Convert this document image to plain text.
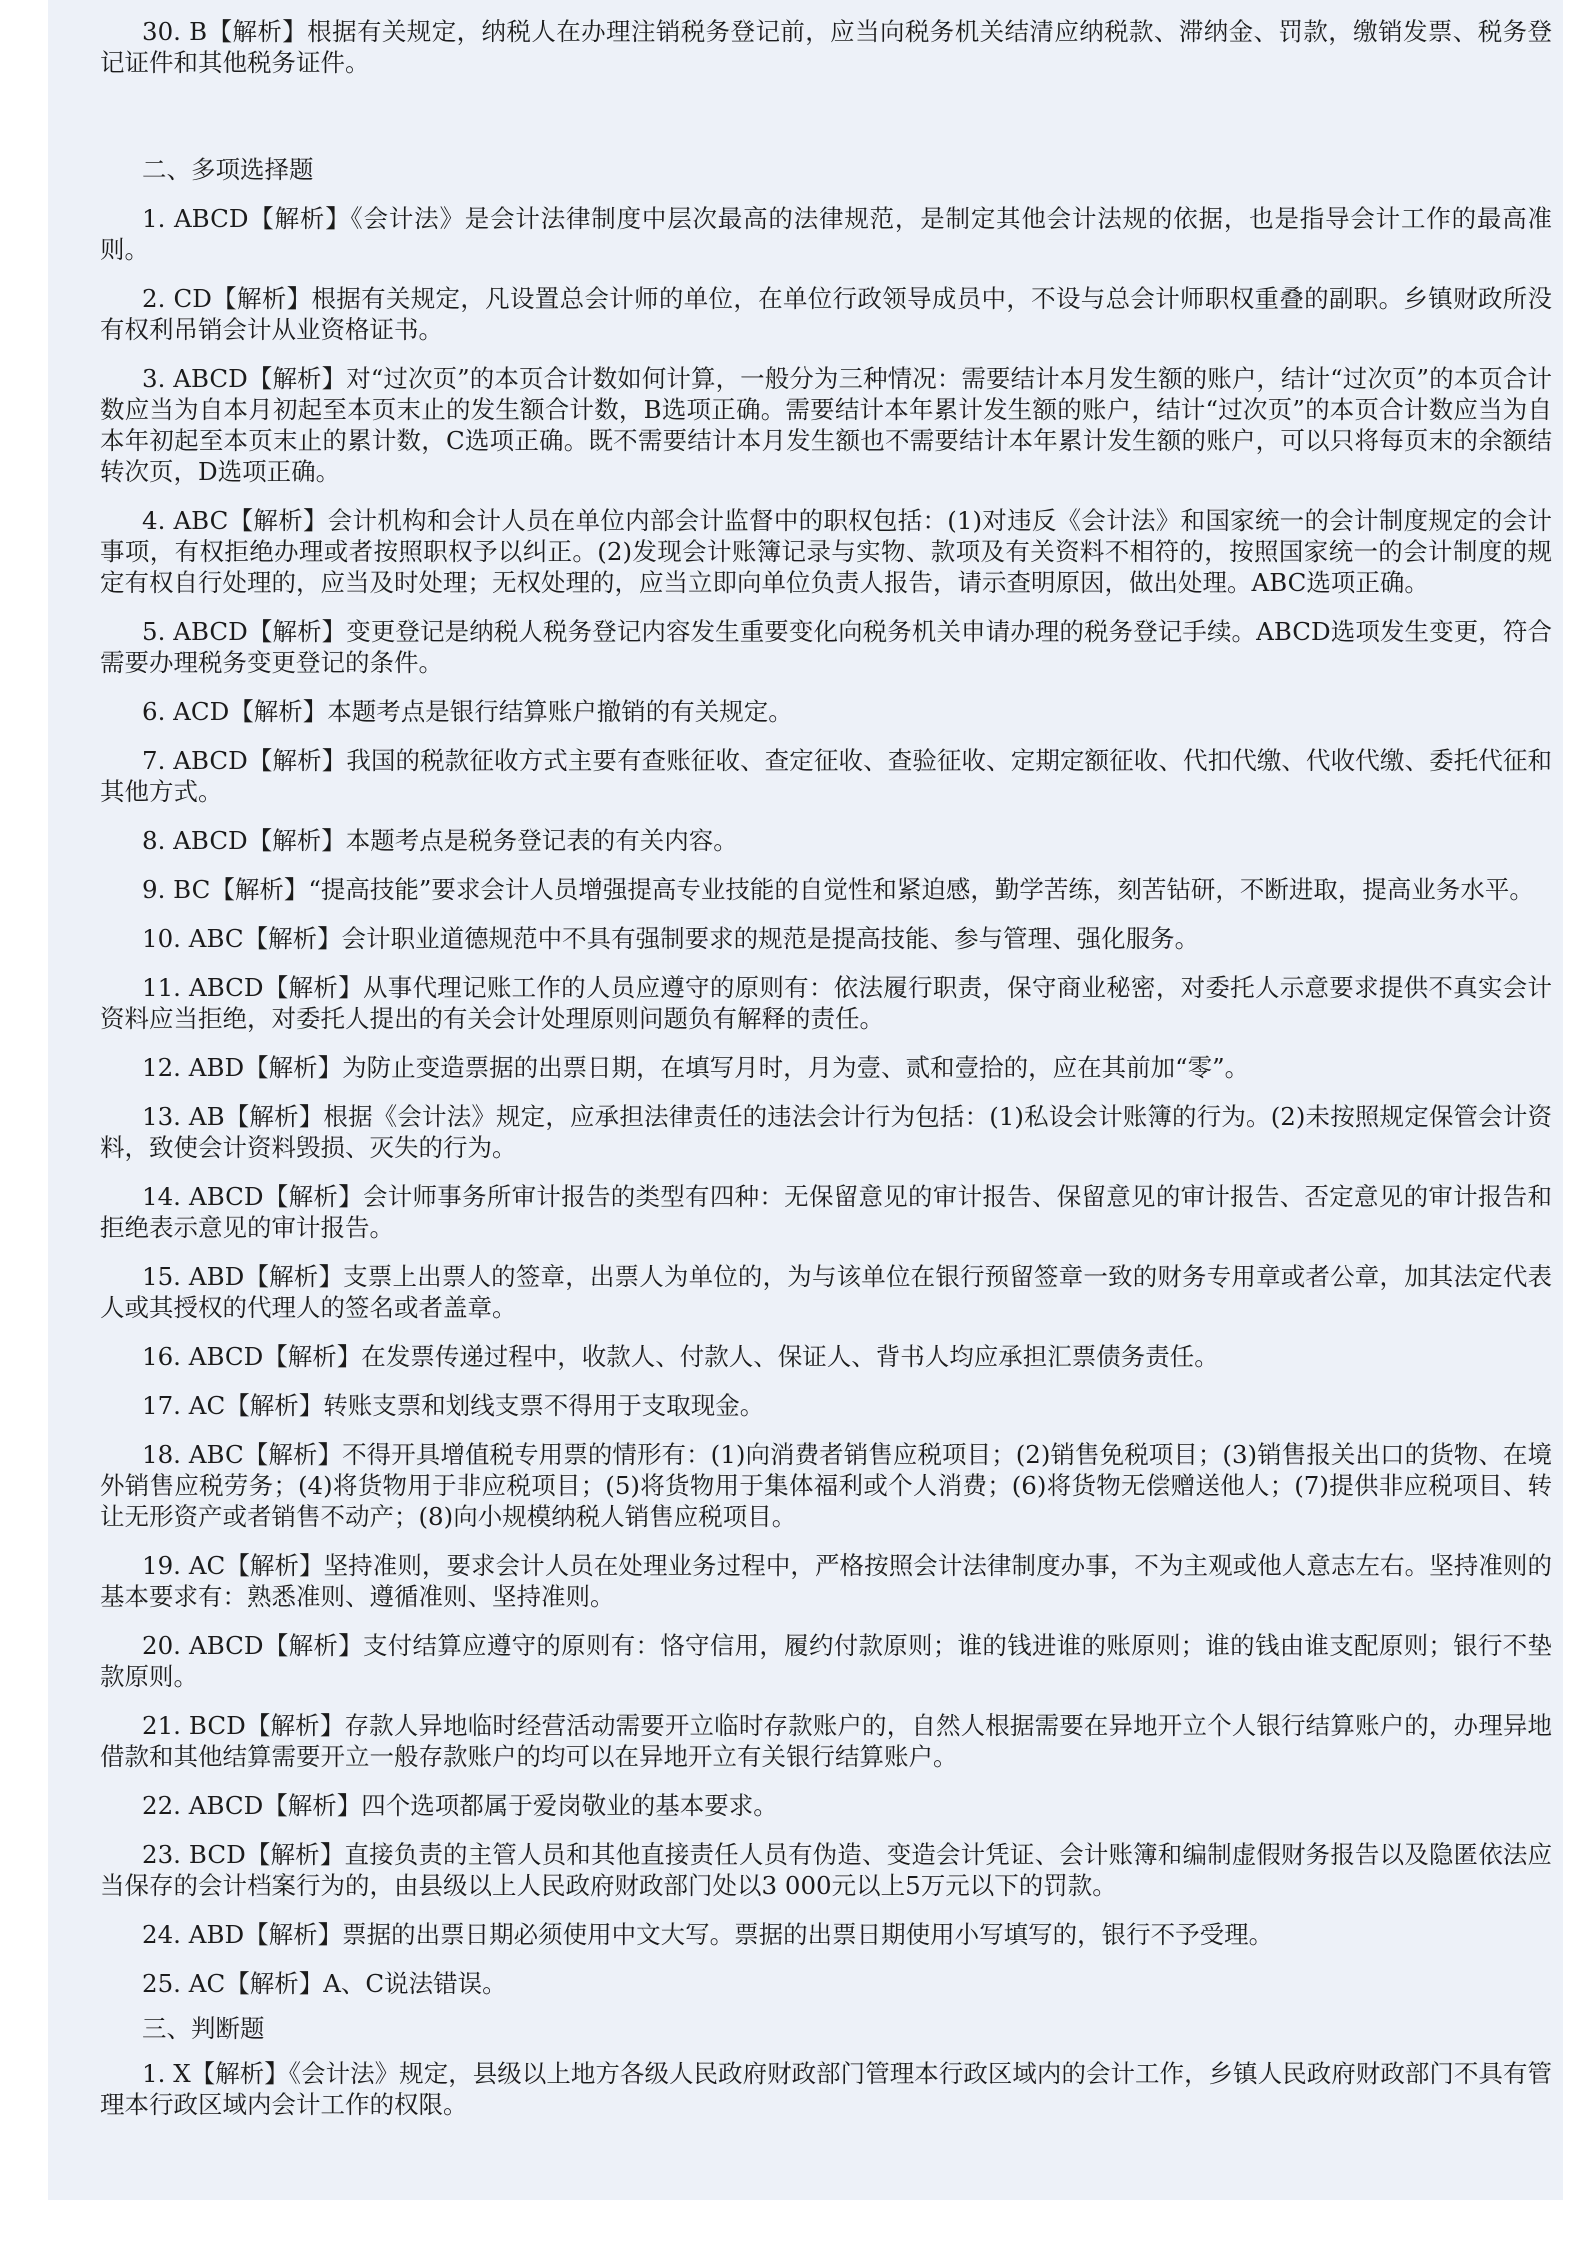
30. B【解析】根据有关规定，纳税人在办理注销税务登记前，应当向税务机关结清应纳税款、滞纳金、罚款，缴销发票、税务登记证件和其他税务证件。

二、多项选择题

1. ABCD【解析】《会计法》是会计法律制度中层次最高的法律规范，是制定其他会计法规的依据，也是指导会计工作的最高准则。

2. CD【解析】根据有关规定，凡设置总会计师的单位，在单位行政领导成员中，不设与总会计师职权重叠的副职。乡镇财政所没有权利吊销会计从业资格证书。

3. ABCD【解析】对“过次页”的本页合计数如何计算，一般分为三种情况：需要结计本月发生额的账户，结计“过次页”的本页合计数应当为自本月初起至本页末止的发生额合计数，B选项正确。需要结计本年累计发生额的账户，结计“过次页”的本页合计数应当为自本年初起至本页末止的累计数，C选项正确。既不需要结计本月发生额也不需要结计本年累计发生额的账户，可以只将每页末的余额结转次页，D选项正确。

4. ABC【解析】会计机构和会计人员在单位内部会计监督中的职权包括：(1)对违反《会计法》和国家统一的会计制度规定的会计事项，有权拒绝办理或者按照职权予以纠正。(2)发现会计账簿记录与实物、款项及有关资料不相符的，按照国家统一的会计制度的规定有权自行处理的，应当及时处理；无权处理的，应当立即向单位负责人报告，请示查明原因，做出处理。ABC选项正确。

5. ABCD【解析】变更登记是纳税人税务登记内容发生重要变化向税务机关申请办理的税务登记手续。ABCD选项发生变更，符合需要办理税务变更登记的条件。

6. ACD【解析】本题考点是银行结算账户撤销的有关规定。

7. ABCD【解析】我国的税款征收方式主要有查账征收、查定征收、查验征收、定期定额征收、代扣代缴、代收代缴、委托代征和其他方式。

8. ABCD【解析】本题考点是税务登记表的有关内容。

9. BC【解析】“提高技能”要求会计人员增强提高专业技能的自觉性和紧迫感，勤学苦练，刻苦钻研，不断进取，提高业务水平。

10. ABC【解析】会计职业道德规范中不具有强制要求的规范是提高技能、参与管理、强化服务。

11. ABCD【解析】从事代理记账工作的人员应遵守的原则有：依法履行职责，保守商业秘密，对委托人示意要求提供不真实会计资料应当拒绝，对委托人提出的有关会计处理原则问题负有解释的责任。

12. ABD【解析】为防止变造票据的出票日期，在填写月时，月为壹、贰和壹拾的，应在其前加“零”。

13. AB【解析】根据《会计法》规定，应承担法律责任的违法会计行为包括：(1)私设会计账簿的行为。(2)未按照规定保管会计资料，致使会计资料毁损、灭失的行为。

14. ABCD【解析】会计师事务所审计报告的类型有四种：无保留意见的审计报告、保留意见的审计报告、否定意见的审计报告和拒绝表示意见的审计报告。

15. ABD【解析】支票上出票人的签章，出票人为单位的，为与该单位在银行预留签章一致的财务专用章或者公章，加其法定代表人或其授权的代理人的签名或者盖章。

16. ABCD【解析】在发票传递过程中，收款人、付款人、保证人、背书人均应承担汇票债务责任。

17. AC【解析】转账支票和划线支票不得用于支取现金。

18. ABC【解析】不得开具增值税专用票的情形有：(1)向消费者销售应税项目；(2)销售免税项目；(3)销售报关出口的货物、在境外销售应税劳务；(4)将货物用于非应税项目；(5)将货物用于集体福利或个人消费；(6)将货物无偿赠送他人；(7)提供非应税项目、转让无形资产或者销售不动产；(8)向小规模纳税人销售应税项目。

19. AC【解析】坚持准则，要求会计人员在处理业务过程中，严格按照会计法律制度办事，不为主观或他人意志左右。坚持准则的基本要求有：熟悉准则、遵循准则、坚持准则。

20. ABCD【解析】支付结算应遵守的原则有：恪守信用，履约付款原则；谁的钱进谁的账原则；谁的钱由谁支配原则；银行不垫款原则。

21. BCD【解析】存款人异地临时经营活动需要开立临时存款账户的，自然人根据需要在异地开立个人银行结算账户的，办理异地借款和其他结算需要开立一般存款账户的均可以在异地开立有关银行结算账户。

22. ABCD【解析】四个选项都属于爱岗敬业的基本要求。

23. BCD【解析】直接负责的主管人员和其他直接责任人员有伪造、变造会计凭证、会计账簿和编制虚假财务报告以及隐匿依法应当保存的会计档案行为的，由县级以上人民政府财政部门处以3 000元以上5万元以下的罚款。

24. ABD【解析】票据的出票日期必须使用中文大写。票据的出票日期使用小写填写的，银行不予受理。

25. AC【解析】A、C说法错误。

三、判断题

1. X【解析】《会计法》规定，县级以上地方各级人民政府财政部门管理本行政区域内的会计工作，乡镇人民政府财政部门不具有管理本行政区域内会计工作的权限。
